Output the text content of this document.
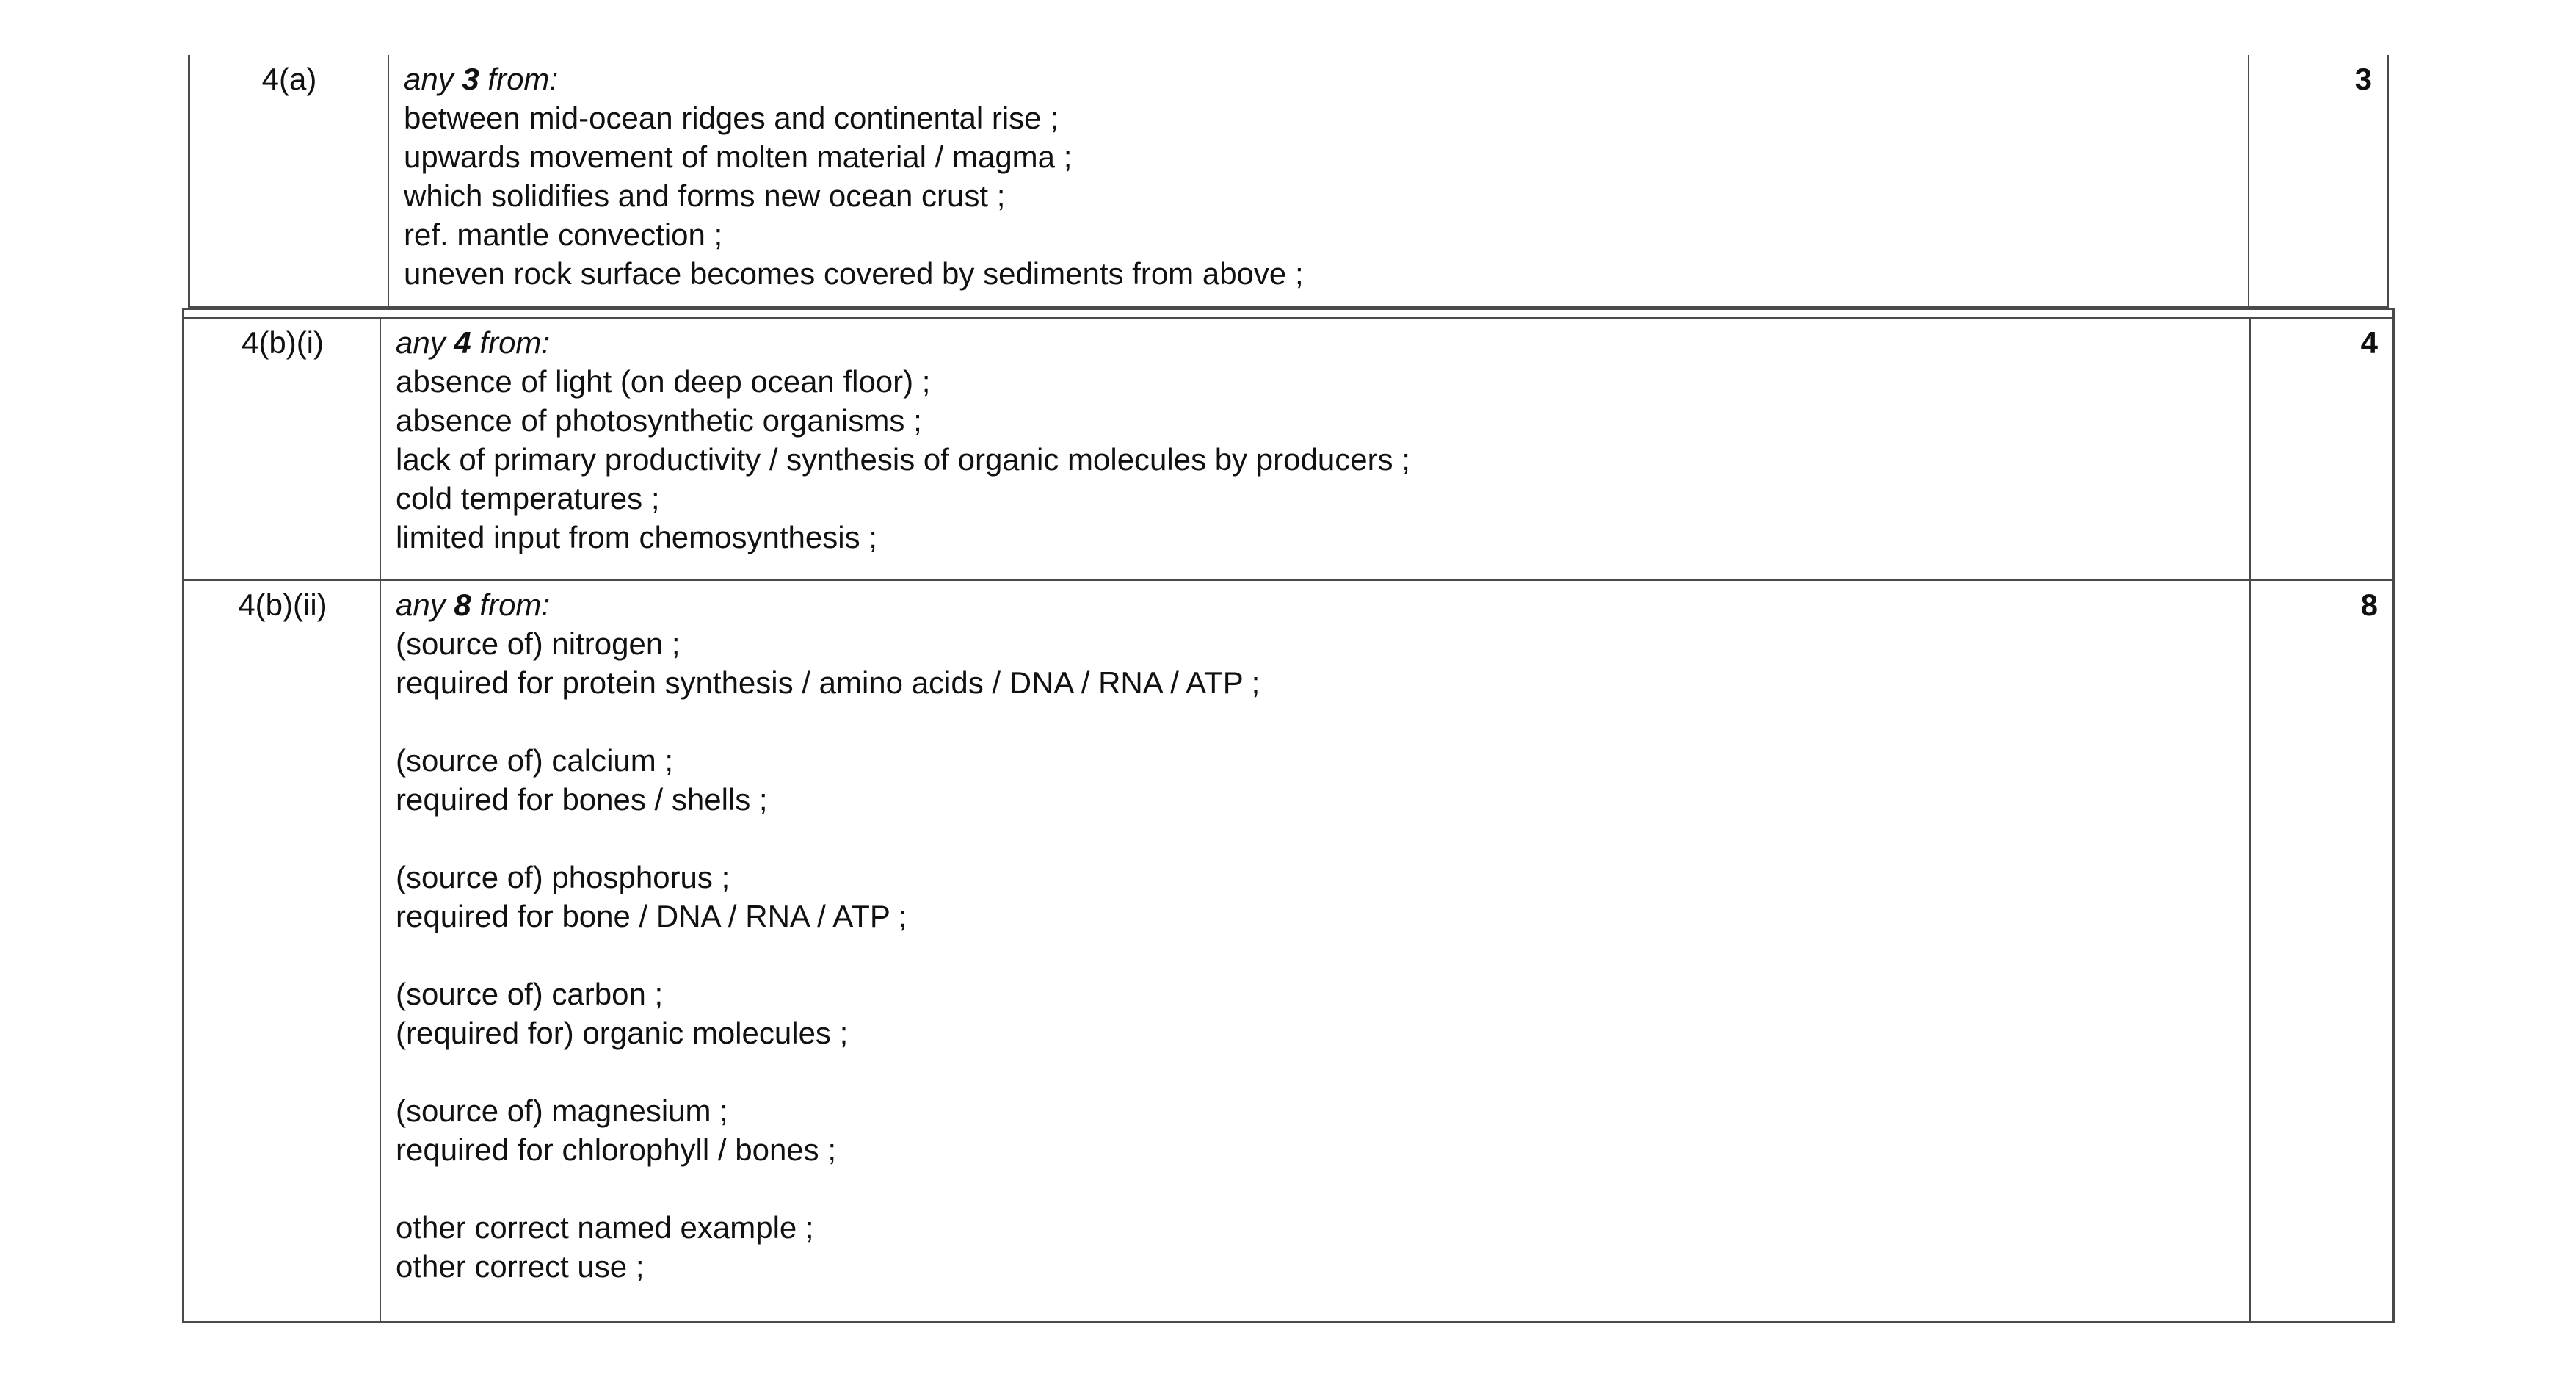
4(a)	any 3 from:
between mid-ocean ridges and continental rise ;
upwards movement of molten material / magma ;
which solidifies and forms new ocean crust ;
ref. mantle convection ;
uneven rock surface becomes covered by sediments from above ;
3
4(b)(i)	any 4 from:
absence of light (on deep ocean floor) ;
absence of photosynthetic organisms ;
lack of primary productivity / synthesis of organic molecules by producers ;
cold temperatures ;
limited input from chemosynthesis ;
4
4(b)(ii)	any 8 from:
(source of) nitrogen ;
required for protein synthesis / amino acids / DNA / RNA / ATP ;
(source of) calcium ;
required for bones / shells ;
(source of) phosphorus ;
required for bone / DNA / RNA / ATP ;
(source of) carbon ;
(required for) organic molecules ;
(source of) magnesium ;
required for chlorophyll / bones ;
other correct named example ;
other correct use ;
8
